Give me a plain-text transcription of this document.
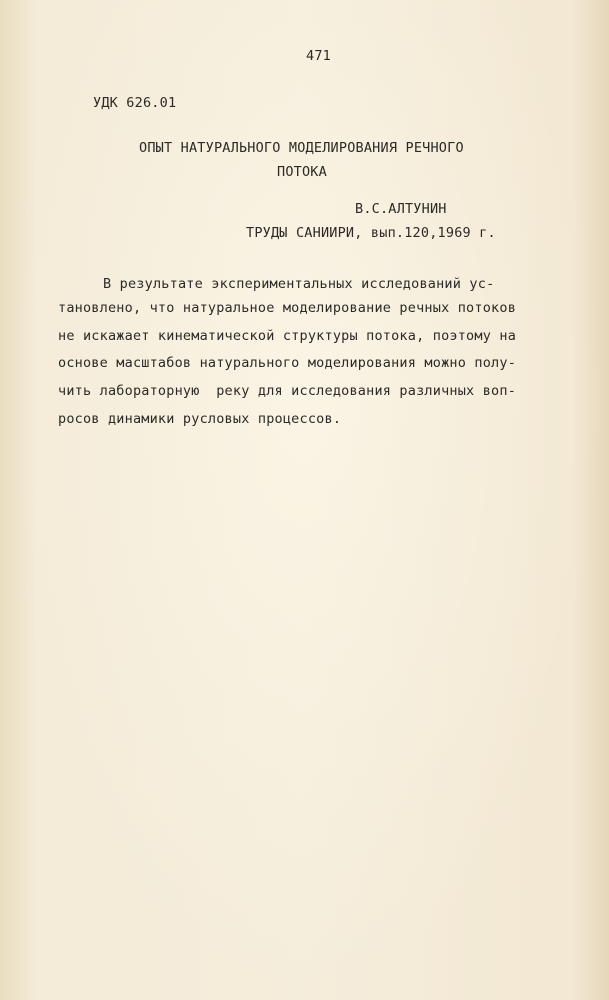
471
УДК 626.01
ОПЫТ НАТУРАЛЬНОГО МОДЕЛИРОВАНИЯ РЕЧНОГО
ПОТОКА
В.С.АЛТУНИН
ТРУДЫ САНИИРИ, вып.120,1969 г.
В результате экспериментальных исследований ус-
тановлено, что натуральное моделирование речных потоков
не искажает кинематической структуры потока, поэтому на
основе масштабов натурального моделирования можно полу-
чить лабораторную  реку для исследования различных воп-
росов динамики русловых процессов.
